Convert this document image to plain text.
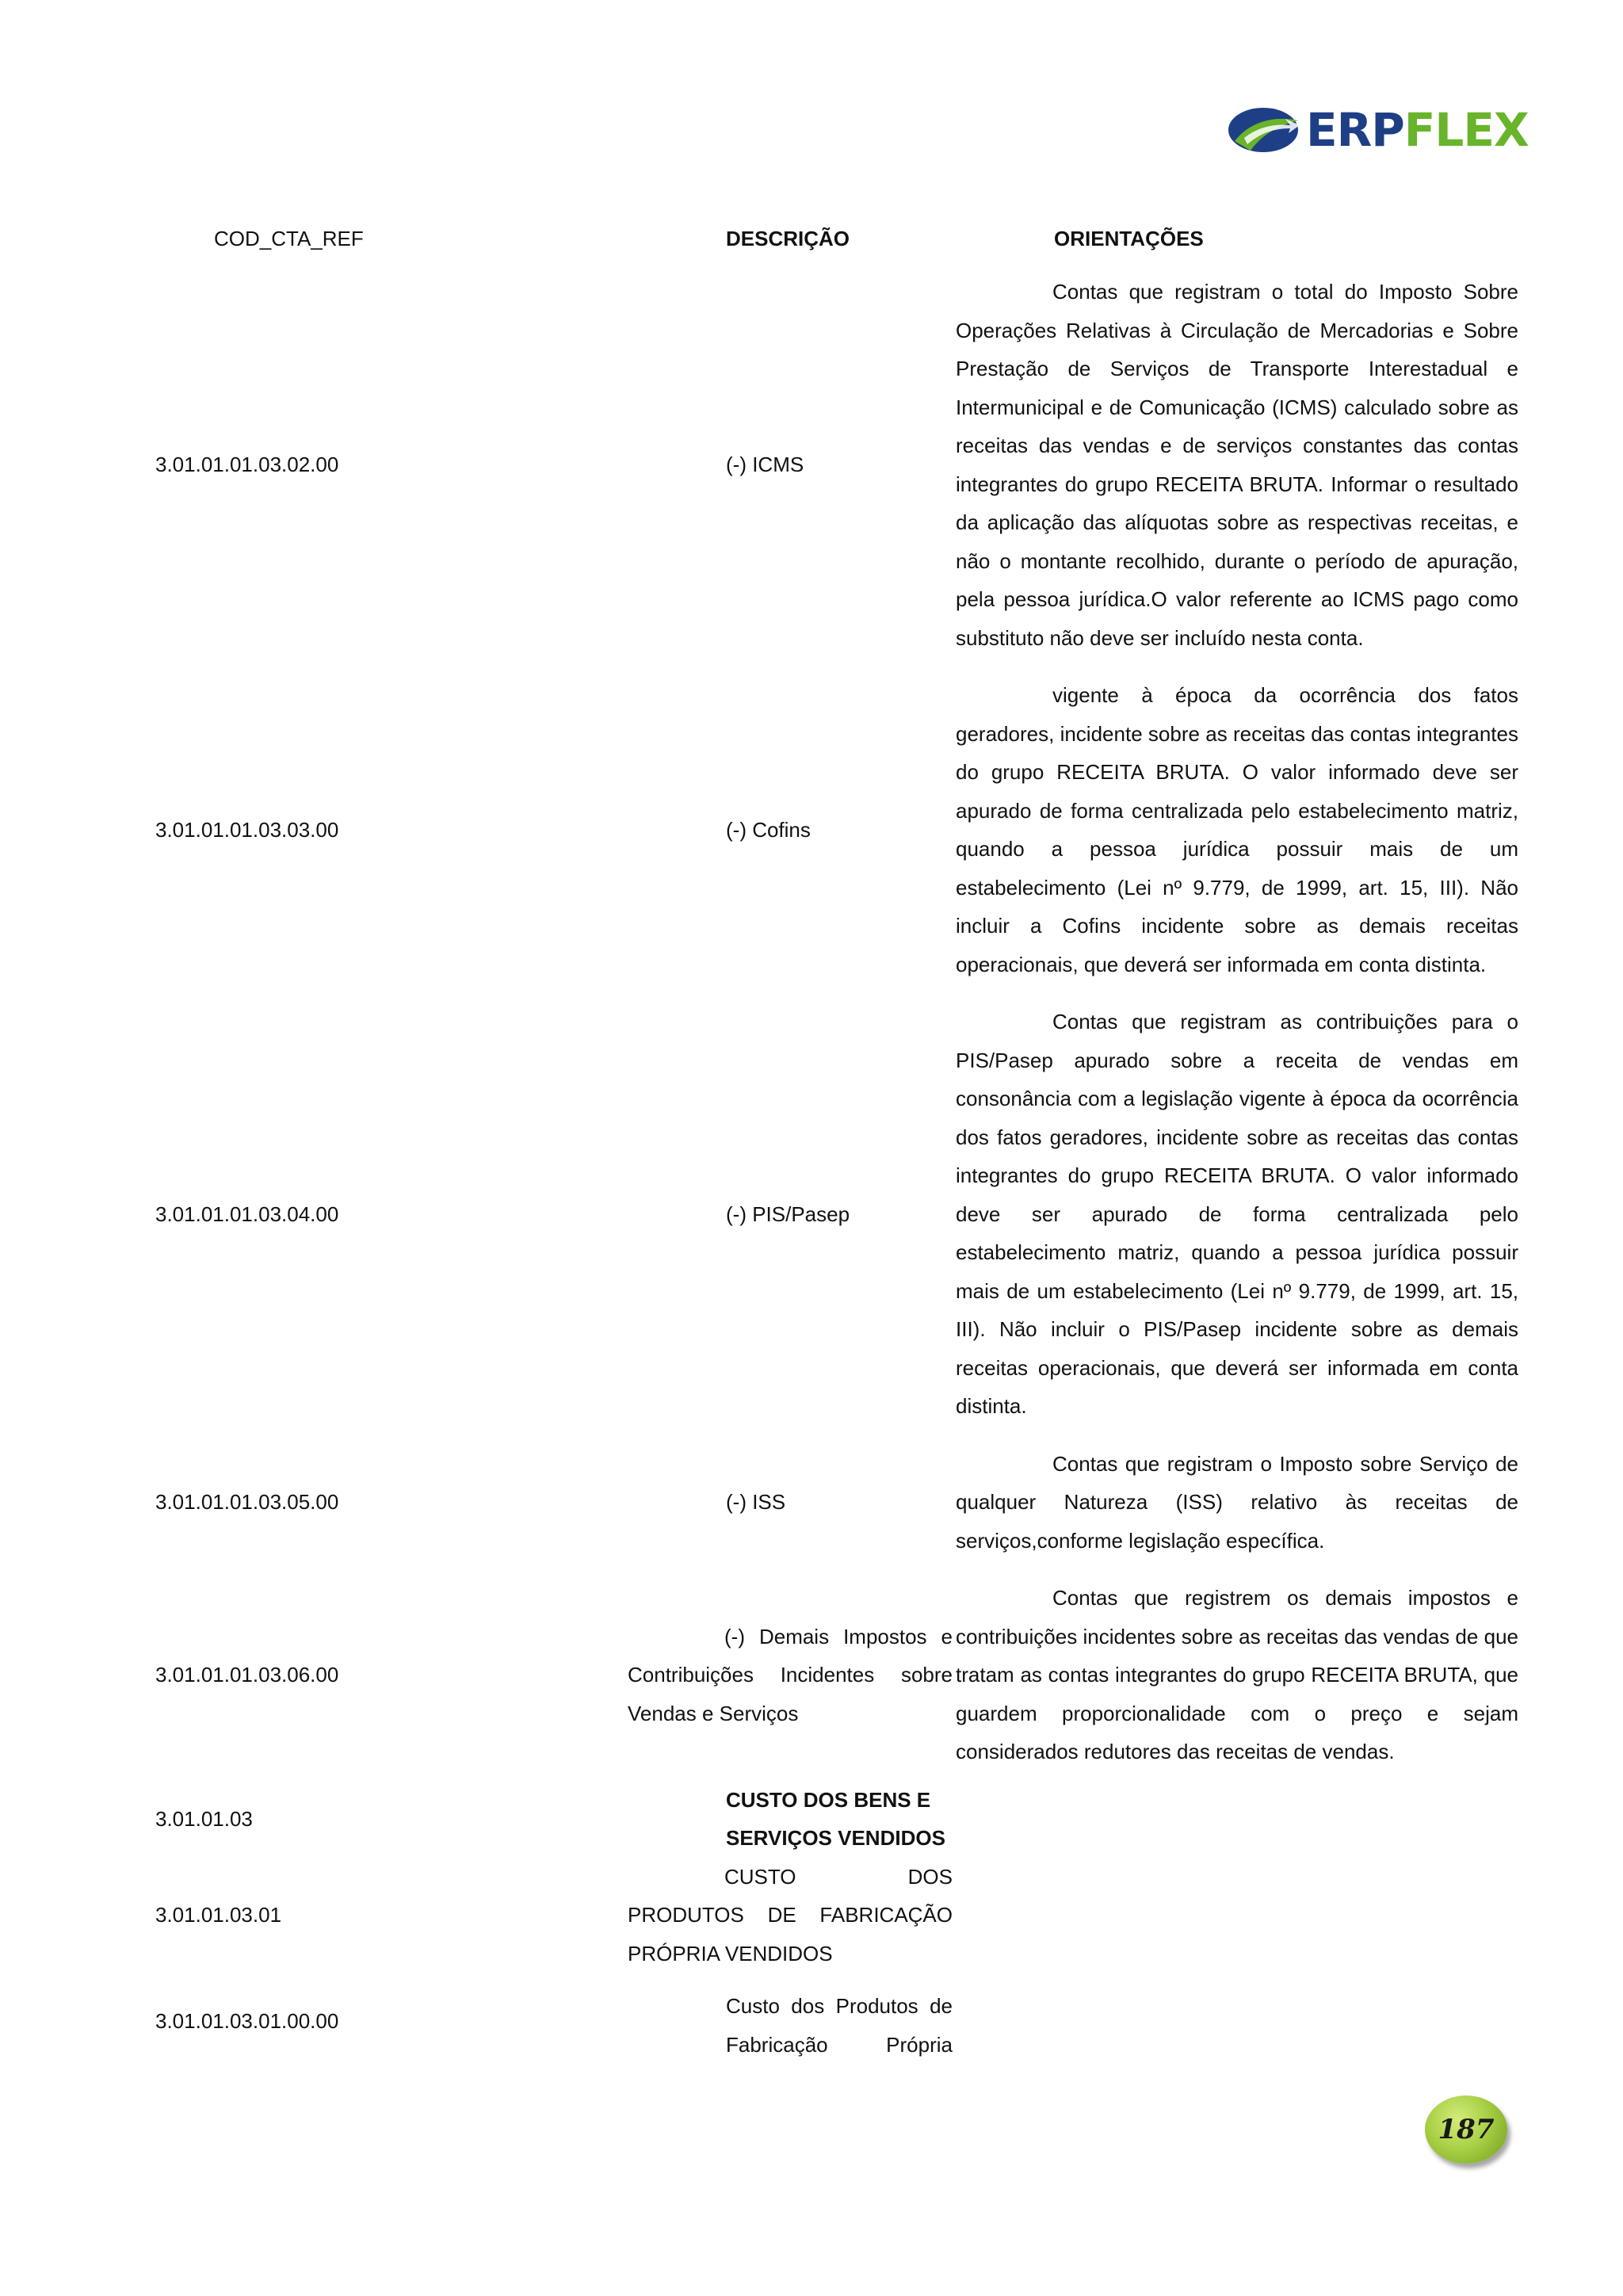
ERPFLEX
COD_CTA_REF	DESCRIÇÃO	ORIENTAÇÕES
3.01.01.01.03.02.00	(-) ICMS	Contas que registram o total do Imposto Sobre Operações Relativas à Circulação de Mercadorias e Sobre Prestação de Serviços de Transporte Interestadual e Intermunicipal e de Comunicação (ICMS) calculado sobre as receitas das vendas e de serviços constantes das contas integrantes do grupo RECEITA BRUTA. Informar o resultado da aplicação das alíquotas sobre as respectivas receitas, e não o montante recolhido, durante o período de apuração, pela pessoa jurídica.O valor referente ao ICMS pago como substituto não deve ser incluído nesta conta.

3.01.01.01.03.03.00	(-) Cofins	vigente à época da ocorrência dos fatos geradores, incidente sobre as receitas das contas integrantes do grupo RECEITA BRUTA. O valor informado deve ser apurado de forma centralizada pelo estabelecimento matriz, quando a pessoa jurídica possuir mais de um estabelecimento (Lei nº 9.779, de 1999, art. 15, III). Não incluir a Cofins incidente sobre as demais receitas operacionais, que deverá ser informada em conta distinta.

3.01.01.01.03.04.00	(-) PIS/Pasep	Contas que registram as contribuições para o PIS/Pasep apurado sobre a receita de vendas em consonância com a legislação vigente à época da ocorrência dos fatos geradores, incidente sobre as receitas das contas integrantes do grupo RECEITA BRUTA. O valor informado deve ser apurado de forma centralizada pelo estabelecimento matriz, quando a pessoa jurídica possuir mais de um estabelecimento (Lei nº 9.779, de 1999, art. 15, III). Não incluir o PIS/Pasep incidente sobre as demais receitas operacionais, que deverá ser informada em conta distinta.

3.01.01.01.03.05.00	(-) ISS	Contas que registram o Imposto sobre Serviço de qualquer Natureza (ISS) relativo às receitas de serviços,conforme legislação específica.

3.01.01.01.03.06.00	(-) Demais Impostos e Contribuições Incidentes sobre Vendas e Serviços	Contas que registrem os demais impostos e contribuições incidentes sobre as receitas das vendas de que tratam as contas integrantes do grupo RECEITA BRUTA, que guardem proporcionalidade com o preço e sejam considerados redutores das receitas de vendas.

3.01.01.03	CUSTO DOS BENS E SERVIÇOS VENDIDOS	
3.01.01.03.01	CUSTO DOS PRODUTOS DE FABRICAÇÃO PRÓPRIA VENDIDOS	

3.01.01.03.01.00.00	Custo dos Produtos de Fabricação Própria	
187
